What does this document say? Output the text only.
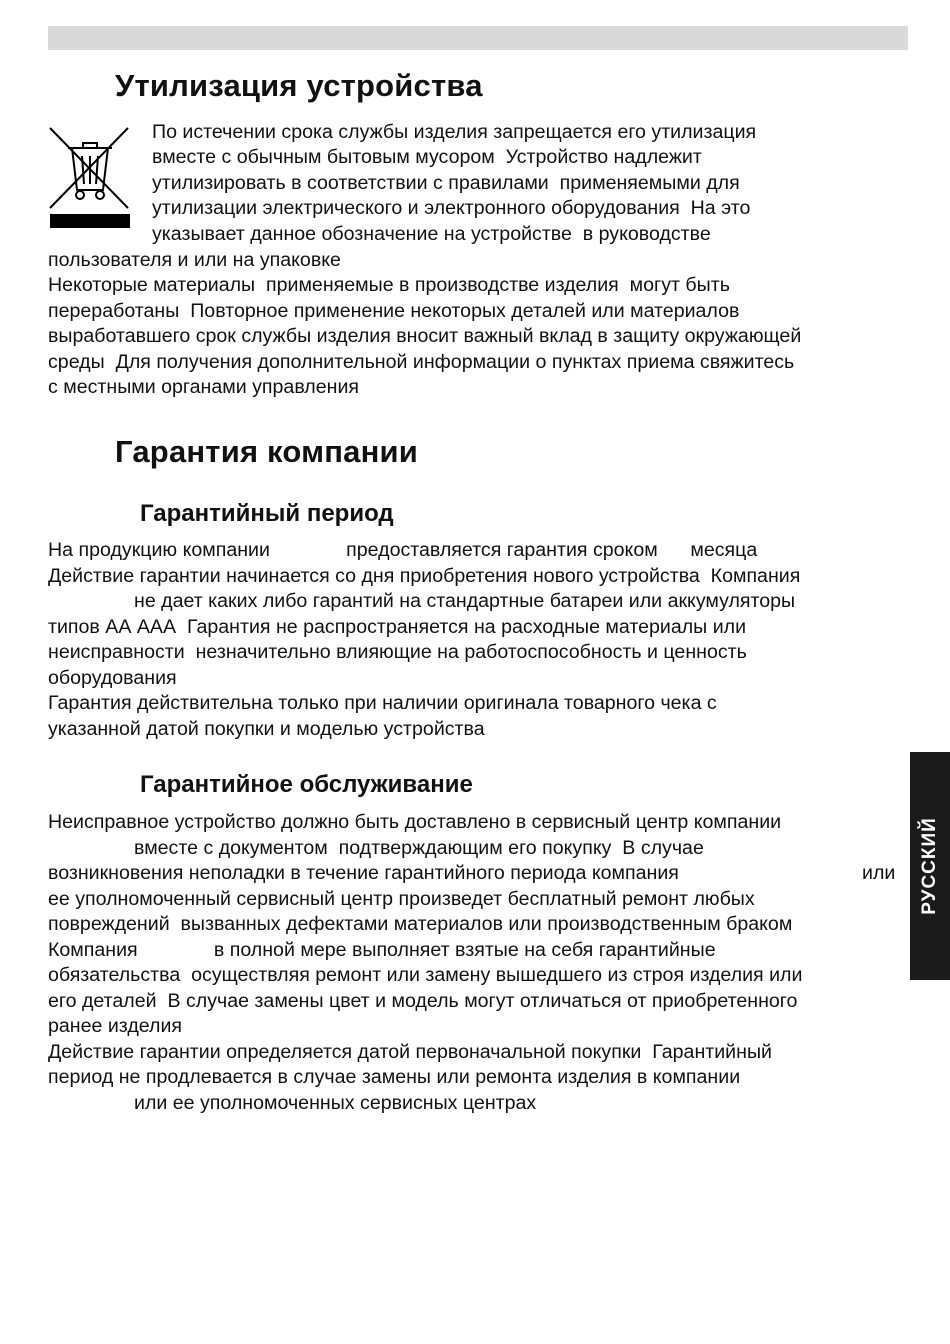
Утилизация устройства

По истечении срока службы изделия запрещается его утилизация

вместе с обычным бытовым мусором  Устройство надлежит

утилизировать в соответствии с правилами  применяемыми для

утилизации электрического и электронного оборудования  На это

указывает данное обозначение на устройстве  в руководстве

пользователя и или на упаковке

Некоторые материалы  применяемые в производстве изделия  могут быть

переработаны  Повторное применение некоторых деталей или материалов

выработавшего срок службы изделия вносит важный вклад в защиту окружающей

среды  Для получения дополнительной информации о пунктах приема свяжитесь

с местными органами управления

Гарантия компании
Гарантийный период

На продукцию компании              предоставляется гарантия сроком      месяца

Действие гарантии начинается со дня приобретения нового устройства  Компания

не дает каких либо гарантий на стандартные батареи или аккумуляторы

типов АА ААА  Гарантия не распространяется на расходные материалы или

неисправности  незначительно влияющие на работоспособность и ценность

оборудования

Гарантия действительна только при наличии оригинала товарного чека с

указанной датой покупки и моделью устройства

Гарантийное обслуживание

Неисправное устройство должно быть доставлено в сервисный центр компании

вместе с документом  подтверждающим его покупку  В случае

возникновения неполадки в течение гарантийного периода компания	или

ее уполномоченный сервисный центр произведет бесплатный ремонт любых

повреждений  вызванных дефектами материалов или производственным браком

Компания              в полной мере выполняет взятые на себя гарантийные

обязательства  осуществляя ремонт или замену вышедшего из строя изделия или

его деталей  В случае замены цвет и модель могут отличаться от приобретенного

ранее изделия

Действие гарантии определяется датой первоначальной покупки  Гарантийный

период не продлевается в случае замены или ремонта изделия в компании

или ее уполномоченных сервисных центрах

РУССКИЙ
